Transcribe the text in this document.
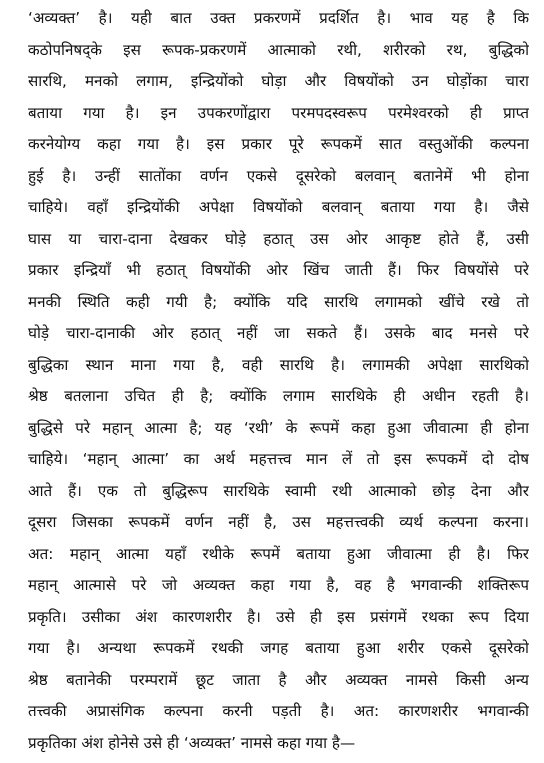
‘अव्यक्त’ है। यही बात उक्त प्रकरणमें प्रदर्शित है। भाव यह है कि
कठोपनिषद्के इस रूपक-प्रकरणमें आत्माको रथी, शरीरको रथ, बुद्धिको
सारथि, मनको लगाम, इन्द्रियोंको घोड़ा और विषयोंको उन घोड़ोंका चारा
बताया गया है। इन उपकरणोंद्वारा परमपदस्वरूप परमेश्वरको ही प्राप्त
करनेयोग्य कहा गया है। इस प्रकार पूरे रूपकमें सात वस्तुओंकी कल्पना
हुई है। उन्हीं सातोंका वर्णन एकसे दूसरेको बलवान् बतानेमें भी होना
चाहिये। वहाँ इन्द्रियोंकी अपेक्षा विषयोंको बलवान् बताया गया है। जैसे
घास या चारा-दाना देखकर घोड़े हठात् उस ओर आकृष्ट होते हैं, उसी
प्रकार इन्द्रियाँ भी हठात् विषयोंकी ओर खिंच जाती हैं। फिर विषयोंसे परे
मनकी स्थिति कही गयी है; क्योंकि यदि सारथि लगामको खींचे रखे तो
घोड़े चारा-दानाकी ओर हठात् नहीं जा सकते हैं। उसके बाद मनसे परे
बुद्धिका स्थान माना गया है, वही सारथि है। लगामकी अपेक्षा सारथिको
श्रेष्ठ बतलाना उचित ही है; क्योंकि लगाम सारथिके ही अधीन रहती है।
बुद्धिसे परे महान् आत्मा है; यह ‘रथी’ के रूपमें कहा हुआ जीवात्मा ही होना
चाहिये। ‘महान् आत्मा’ का अर्थ महत्तत्त्व मान लें तो इस रूपकमें दो दोष
आते हैं। एक तो बुद्धिरूप सारथिके स्वामी रथी आत्माको छोड़ देना और
दूसरा जिसका रूपकमें वर्णन नहीं है, उस महत्तत्त्वकी व्यर्थ कल्पना करना।
अत: महान् आत्मा यहाँ रथीके रूपमें बताया हुआ जीवात्मा ही है। फिर
महान् आत्मासे परे जो अव्यक्त कहा गया है, वह है भगवान्की शक्तिरूप
प्रकृति। उसीका अंश कारणशरीर है। उसे ही इस प्रसंगमें रथका रूप दिया
गया है। अन्यथा रूपकमें रथकी जगह बताया हुआ शरीर एकसे दूसरेको
श्रेष्ठ बतानेकी परम्परामें छूट जाता है और अव्यक्त नामसे किसी अन्य
तत्त्वकी अप्रासंगिक कल्पना करनी पड़ती है। अत: कारणशरीर भगवान्की
प्रकृतिका अंश होनेसे उसे ही ‘अव्यक्त’ नामसे कहा गया है—
